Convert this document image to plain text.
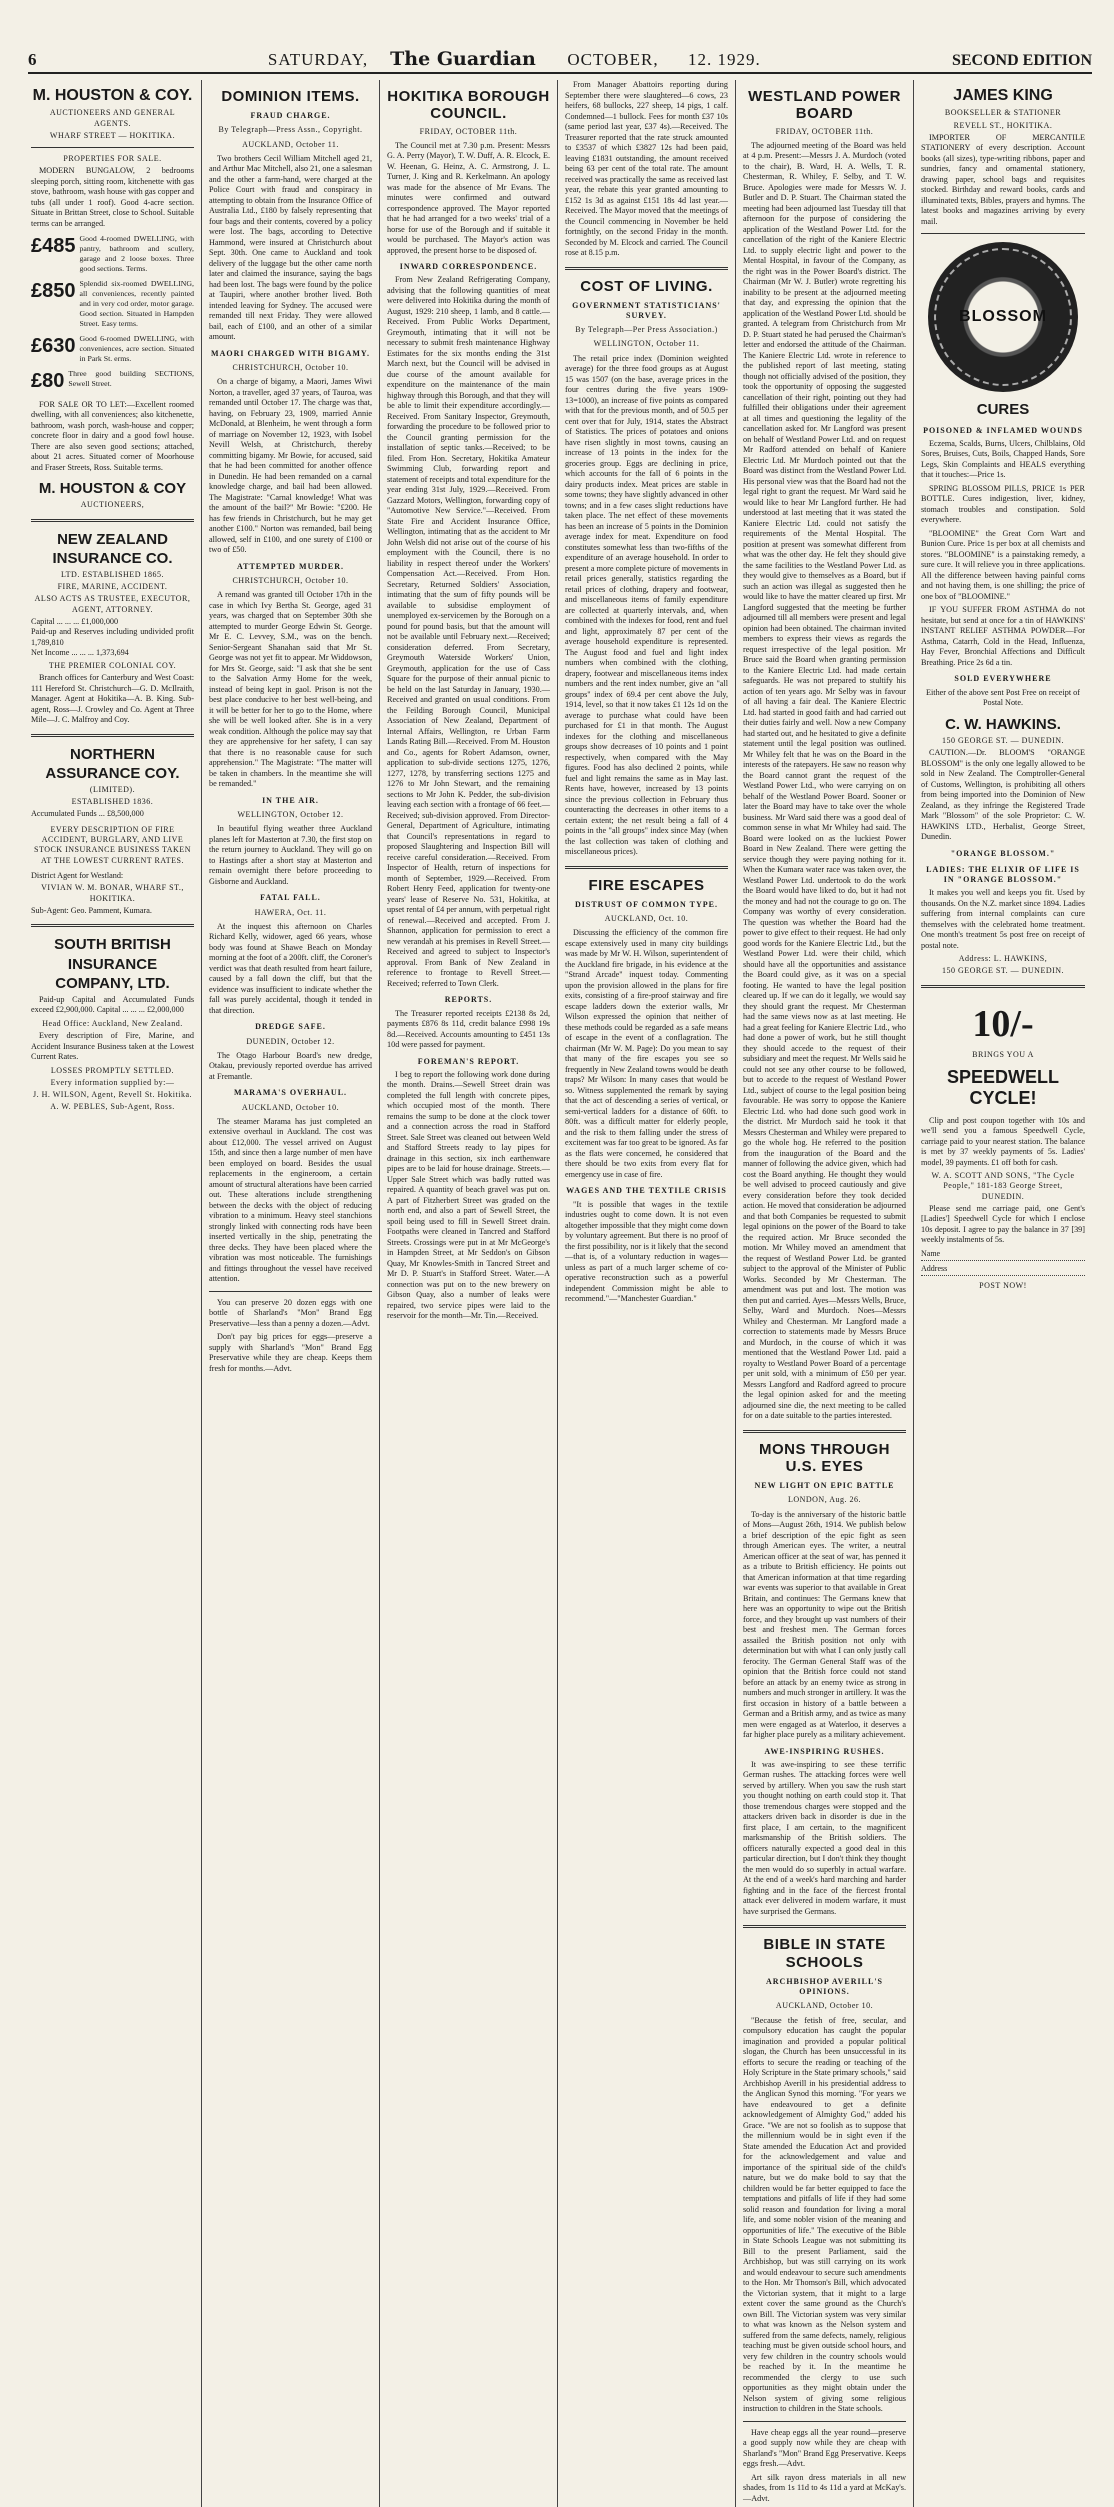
6	SATURDAY,	The Guardian	OCTOBER,	12. 1929.	SECOND EDITION
M. HOUSTON & COY.
AUCTIONEERS AND GENERAL AGENTS.
WHARF STREET — HOKITIKA.
PROPERTIES FOR SALE.

MODERN BUNGALOW, 2 bedrooms sleeping porch, sitting room, kitchenette with gas stove, bathroom, wash house with gas copper and tubs (all under 1 roof). Good 4-acre section. Situate in Brittan Street, close to School. Suitable terms can be arranged.

£485 Good 4-roomed DWELLING, with pantry, bathroom and scullery, garage and 2 loose boxes. Three good sections. Terms.
£850 Splendid six-roomed DWELLING, all conveniences, recently painted and in very cod order, motor garage. Good section. Situated in Hampden Street. Easy terms.
£630 Good 6-roomed DWELLING, with conveniences, acre section. Situated in Park St. erms.
£80 Three good building SECTIONS, Sewell Street.

FOR SALE OR TO LET:—Excellent roomed dwelling, with all conveniences; also kitchenette, bathroom, wash porch, wash-house and copper; concrete floor in dairy and a good fowl house. There are also seven good sections; attached, about 21 acres. Situated corner of Moorhouse and Fraser Streets, Ross. Suitable terms.

M. HOUSTON & COY
AUCTIONEERS,
NEW ZEALAND INSURANCE CO.
LTD. ESTABLISHED 1865.
FIRE, MARINE, ACCIDENT.
ALSO ACTS AS TRUSTEE, EXECUTOR, AGENT, ATTORNEY.
Capital ... ... ... £1,000,000
Paid-up and Reserves including undivided profit 1,789,810
Net Income ... ... ... 1,373,694
THE PREMIER COLONIAL COY.

Branch offices for Canterbury and West Coast: 111 Hereford St. Christchurch—G. D. McIlraith, Manager. Agent at Hokitika—A. B. King. Sub-agent, Ross—J. Crowley and Co. Agent at Three Mile—J. C. Malfroy and Coy.

NORTHERN ASSURANCE COY.
(LIMITED).
ESTABLISHED 1836.
Accumulated Funds ... £8,500,000
EVERY DESCRIPTION OF FIRE ACCIDENT, BURGLARY, AND LIVE STOCK INSURANCE BUSINESS TAKEN AT THE LOWEST CURRENT RATES.
District Agent for Westland:
VIVIAN W. M. BONAR, WHARF ST., HOKITIKA.
Sub-Agent: Geo. Pamment, Kumara.
SOUTH BRITISH INSURANCE COMPANY, LTD.

Paid-up Capital and Accumulated Funds exceed £2,900,000. Capital ... ... ... £2,000,000

Head Office: Auckland, New Zealand.

Every description of Fire, Marine, and Accident Insurance Business taken at the Lowest Current Rates.

LOSSES PROMPTLY SETTLED.
Every information supplied by:—
J. H. WILSON, Agent, Revell St. Hokitika.
A. W. PEBLES, Sub-Agent, Ross.
DOMINION ITEMS.
FRAUD CHARGE.
By Telegraph—Press Assn., Copyright.
AUCKLAND, October 11.

Two brothers Cecil William Mitchell aged 21, and Arthur Mac Mitchell, also 21, one a salesman and the other a farm-hand, were charged at the Police Court with fraud and conspiracy in attempting to obtain from the Insurance Office of Australia Ltd., £180 by falsely representing that four bags and their contents, covered by a policy were lost. The bags, according to Detective Hammond, were insured at Christchurch about Sept. 30th. One came to Auckland and took delivery of the luggage but the other came north later and claimed the insurance, saying the bags had been lost. The bags were found by the police at Taupiri, where another brother lived. Both intended leaving for Sydney. The accused were remanded till next Friday. They were allowed bail, each of £100, and an other of a similar amount.

MAORI CHARGED WITH BIGAMY.
CHRISTCHURCH, October 10.

On a charge of bigamy, a Maori, James Wiwi Norton, a traveller, aged 37 years, of Tauroa, was remanded until October 17. The charge was that, having, on February 23, 1909, married Annie McDonald, at Blenheim, he went through a form of marriage on November 12, 1923, with Isobel Nevill Welsh, at Christchurch, thereby committing bigamy. Mr Bowie, for accused, said that he had been committed for another offence in Dunedin. He had been remanded on a carnal knowledge charge, and bail had been allowed. The Magistrate: "Carnal knowledge! What was the amount of the bail?" Mr Bowie: "£200. He has few friends in Christchurch, but he may get another £100." Norton was remanded, bail being allowed, self in £100, and one surety of £100 or two of £50.

ATTEMPTED MURDER.
CHRISTCHURCH, October 10.

A remand was granted till October 17th in the case in which Ivy Bertha St. George, aged 31 years, was charged that on September 30th she attempted to murder George Edwin St. George. Mr E. C. Levvey, S.M., was on the bench. Senior-Sergeant Shanahan said that Mr St. George was not yet fit to appear. Mr Widdowson, for Mrs St. George, said: "I ask that she be sent to the Salvation Army Home for the week, instead of being kept in gaol. Prison is not the best place conducive to her best well-being, and it will be better for her to go to the Home, where she will be well looked after. She is in a very weak condition. Although the police may say that they are apprehensive for her safety, I can say that there is no reasonable cause for such apprehension." The Magistrate: "The matter will be taken in chambers. In the meantime she will be remanded."

IN THE AIR.
WELLINGTON, October 12.

In beautiful flying weather three Auckland planes left for Masterton at 7.30, the first stop on the return journey to Auckland. They will go on to Hastings after a short stay at Masterton and remain overnight there before proceeding to Gisborne and Auckland.

FATAL FALL.
HAWERA, Oct. 11.

At the inquest this afternoon on Charles Richard Kelly, widower, aged 66 years, whose body was found at Shawe Beach on Monday morning at the foot of a 200ft. cliff, the Coroner's verdict was that death resulted from heart failure, caused by a fall down the cliff, but that the evidence was insufficient to indicate whether the fall was purely accidental, though it tended in that direction.

DREDGE SAFE.
DUNEDIN, October 12.

The Otago Harbour Board's new dredge, Otakau, previously reported overdue has arrived at Fremantle.

MARAMA'S OVERHAUL.
AUCKLAND, October 10.

The steamer Marama has just completed an extensive overhaul in Auckland. The cost was about £12,000. The vessel arrived on August 15th, and since then a large number of men have been employed on board. Besides the usual replacements in the engineroom, a certain amount of structural alterations have been carried out. These alterations include strengthening between the decks with the object of reducing vibration to a minimum. Heavy steel stanchions strongly linked with connecting rods have been inserted vertically in the ship, penetrating the three decks. They have been placed where the vibration was most noticeable. The furnishings and fittings throughout the vessel have received attention.

You can preserve 20 dozen eggs with one bottle of Sharland's "Mon" Brand Egg Preservative—less than a penny a dozen.—Advt.

Don't pay big prices for eggs—preserve a supply with Sharland's "Mon" Brand Egg Preservative while they are cheap. Keeps them fresh for months.—Advt.

HOKITIKA BOROUGH COUNCIL.
FRIDAY, OCTOBER 11th.

The Council met at 7.30 p.m. Present: Messrs G. A. Perry (Mayor), T. W. Duff, A. R. Elcock, E. W. Heenan, G. Heinz, A. C. Armstrong, J. L. Turner, J. King and R. Kerkelmann. An apology was made for the absence of Mr Evans. The minutes were confirmed and outward correspondence approved. The Mayor reported that he had arranged for a two weeks' trial of a horse for use of the Borough and if suitable it would be purchased. The Mayor's action was approved, the present horse to be disposed of.

INWARD CORRESPONDENCE.

From New Zealand Refrigerating Company, advising that the following quantities of meat were delivered into Hokitika during the month of August, 1929: 210 sheep, 1 lamb, and 8 cattle.—Received. From Public Works Department, Greymouth, intimating that it will not be necessary to submit fresh maintenance Highway Estimates for the six months ending the 31st March next, but the Council will be advised in due course of the amount available for expenditure on the maintenance of the main highway through this Borough, and that they will be able to limit their expenditure accordingly.—Received. From Sanitary Inspector, Greymouth, forwarding the procedure to be followed prior to the Council granting permission for the installation of septic tanks.—Received; to be filed. From Hon. Secretary, Hokitika Amateur Swimming Club, forwarding report and statement of receipts and total expenditure for the year ending 31st July, 1929.—Received. From Gazzard Motors, Wellington, forwarding copy of "Automotive New Service."—Received. From State Fire and Accident Insurance Office, Wellington, intimating that as the accident to Mr John Welsh did not arise out of the course of his employment with the Council, there is no liability in respect thereof under the Workers' Compensation Act.—Received. From Hon. Secretary, Returned Soldiers' Association, intimating that the sum of fifty pounds will be available to subsidise employment of unemployed ex-servicemen by the Borough on a pound for pound basis, but that the amount will not be available until February next.—Received; consideration deferred. From Secretary, Greymouth Waterside Workers' Union, Greymouth, application for the use of Cass Square for the purpose of their annual picnic to be held on the last Saturday in January, 1930.—Received and granted on usual conditions. From the Feilding Borough Council, Municipal Association of New Zealand, Department of Internal Affairs, Wellington, re Urban Farm Lands Rating Bill.—Received. From M. Houston and Co., agents for Robert Adamson, owner, application to sub-divide sections 1275, 1276, 1277, 1278, by transferring sections 1275 and 1276 to Mr John Stewart, and the remaining sections to Mr John K. Pedder, the sub-division leaving each section with a frontage of 66 feet.—Received; sub-division approved. From Director-General, Department of Agriculture, intimating that Council's representations in regard to proposed Slaughtering and Inspection Bill will receive careful consideration.—Received. From Inspector of Health, return of inspections for month of September, 1929.—Received. From Robert Henry Feed, application for twenty-one years' lease of Reserve No. 531, Hokitika, at upset rental of £4 per annum, with perpetual right of renewal.—Received and accepted. From J. Shannon, application for permission to erect a new verandah at his premises in Revell Street.—Received and agreed to subject to Inspector's approval. From Bank of New Zealand in reference to frontage to Revell Street.—Received; referred to Town Clerk.

REPORTS.

The Treasurer reported receipts £2138 8s 2d, payments £876 8s 11d, credit balance £998 19s 8d.—Received. Accounts amounting to £451 13s 10d were passed for payment.

FOREMAN'S REPORT.

I beg to report the following work done during the month. Drains.—Sewell Street drain was completed the full length with concrete pipes, which occupied most of the month. There remains the sump to be done at the clock tower and a connection across the road in Stafford Street. Sale Street was cleaned out between Weld and Stafford Streets ready to lay pipes for drainage in this section, six inch earthenware pipes are to be laid for house drainage. Streets.—Upper Sale Street which was badly rutted was repaired. A quantity of beach gravel was put on. A part of Fitzherbert Street was graded on the north end, and also a part of Sewell Street, the spoil being used to fill in Sewell Street drain. Footpaths were cleaned in Tancred and Stafford Streets. Crossings were put in at Mr McGeorge's in Hampden Street, at Mr Seddon's on Gibson Quay, Mr Knowles-Smith in Tancred Street and Mr D. P. Stuart's in Stafford Street. Water.—A connection was put on to the new brewery on Gibson Quay, also a number of leaks were repaired, two service pipes were laid to the reservoir for the month—Mr. Tin.—Received.

From Manager Abattoirs reporting during September there were slaughtered—6 cows, 23 heifers, 68 bullocks, 227 sheep, 14 pigs, 1 calf. Condemned—1 bullock. Fees for month £37 10s (same period last year, £37 4s).—Received. The Treasurer reported that the rate struck amounted to £3537 of which £3827 12s had been paid, leaving £1831 outstanding, the amount received being 63 per cent of the total rate. The amount received was practically the same as received last year, the rebate this year granted amounting to £152 1s 3d as against £151 18s 4d last year.—Received. The Mayor moved that the meetings of the Council commencing in November be held fortnightly, on the second Friday in the month. Seconded by M. Elcock and carried. The Council rose at 8.15 p.m.

COST OF LIVING.
GOVERNMENT STATISTICIANS' SURVEY.
By Telegraph—Per Press Association.)
WELLINGTON, October 11.

The retail price index (Dominion weighted average) for the three food groups as at August 15 was 1507 (on the base, average prices in the four centres during the five years 1909-13=1000), an increase of five points as compared with that for the previous month, and of 50.5 per cent over that for July, 1914, states the Abstract of Statistics. The prices of potatoes and onions have risen slightly in most towns, causing an increase of 13 points in the index for the groceries group. Eggs are declining in price, which accounts for the fall of 6 points in the dairy products index. Meat prices are stable in some towns; they have slightly advanced in other towns; and in a few cases slight reductions have taken place. The net effect of these movements has been an increase of 5 points in the Dominion average index for meat. Expenditure on food constitutes somewhat less than two-fifths of the expenditure of an average household. In order to present a more complete picture of movements in retail prices generally, statistics regarding the retail prices of clothing, drapery and footwear, and miscellaneous items of family expenditure are collected at quarterly intervals, and, when combined with the indexes for food, rent and fuel and light, approximately 87 per cent of the average household expenditure is represented. The August food and fuel and light index numbers when combined with the clothing, drapery, footwear and miscellaneous items index numbers and the rent index number, give an "all groups" index of 69.4 per cent above the July, 1914, level, so that it now takes £1 12s 1d on the average to purchase what could have been purchased for £1 in that month. The August indexes for the clothing and miscellaneous groups show decreases of 10 points and 1 point respectively, when compared with the May figures. Food has also declined 2 points, while fuel and light remains the same as in May last. Rents have, however, increased by 13 points since the previous collection in February thus counteracting the decreases in other items to a certain extent; the net result being a fall of 4 points in the "all groups" index since May (when the last collection was taken of clothing and miscellaneous prices).

FIRE ESCAPES
DISTRUST OF COMMON TYPE.
AUCKLAND, Oct. 10.

Discussing the efficiency of the common fire escape extensively used in many city buildings was made by Mr W. H. Wilson, superintendent of the Auckland fire brigade, in his evidence at the "Strand Arcade" inquest today. Commenting upon the provision allowed in the plans for fire exits, consisting of a fire-proof stairway and fire escape ladders down the exterior walls, Mr Wilson expressed the opinion that neither of these methods could be regarded as a safe means of escape in the event of a conflagration. The chairman (Mr W. M. Page): Do you mean to say that many of the fire escapes you see so frequently in New Zealand towns would be death traps? Mr Wilson: In many cases that would be so. Witness supplemented the remark by saying that the act of descending a series of vertical, or semi-vertical ladders for a distance of 60ft. to 80ft. was a difficult matter for elderly people, and the risk to them falling under the stress of excitement was far too great to be ignored. As far as the flats were concerned, he considered that there should be two exits from every flat for emergency use in case of fire.

WAGES AND THE TEXTILE CRISIS

"It is possible that wages in the textile industries ought to come down. It is not even altogether impossible that they might come down by voluntary agreement. But there is no proof of the first possibility, nor is it likely that the second—that is, of a voluntary reduction in wages—unless as part of a much larger scheme of co-operative reconstruction such as a powerful independent Commission might be able to recommend."—"Manchester Guardian."

WESTLAND POWER BOARD
FRIDAY, OCTOBER 11th.

The adjourned meeting of the Board was held at 4 p.m. Present:—Messrs J. A. Murdoch (voted to the chair), B. Ward, H. A. Wells, T. R. Chesterman, R. Whiley, F. Selby, and T. W. Bruce. Apologies were made for Messrs W. J. Butler and D. P. Stuart. The Chairman stated the meeting had been adjourned last Tuesday till that afternoon for the purpose of considering the application of the Westland Power Ltd. for the cancellation of the right of the Kaniere Electric Ltd. to supply electric light and power to the Mental Hospital, in favour of the Company, as the right was in the Power Board's district. The Chairman (Mr W. J. Butler) wrote regretting his inability to be present at the adjourned meeting that day, and expressing the opinion that the application of the Westland Power Ltd. should be granted. A telegram from Christchurch from Mr D. P. Stuart stated he had perused the Chairman's letter and endorsed the attitude of the Chairman. The Kaniere Electric Ltd. wrote in reference to the published report of last meeting, stating though not officially advised of the position, they took the opportunity of opposing the suggested cancellation of their right, pointing out they had fulfilled their obligations under their agreement at all times and questioning the legality of the cancellation asked for. Mr Langford was present on behalf of Westland Power Ltd. and on request Mr Radford attended on behalf of Kaniere Electric Ltd. Mr Murdoch pointed out that the Board was distinct from the Westland Power Ltd. His personal view was that the Board had not the legal right to grant the request. Mr Ward said he would like to hear Mr Langford further. He had understood at last meeting that it was stated the Kaniere Electric Ltd. could not satisfy the requirements of the Mental Hospital. The position at present was somewhat different from what was the other day. He felt they should give the same facilities to the Westland Power Ltd. as they would give to themselves as a Board, but if such an action was illegal as suggested then he would like to have the matter cleared up first. Mr Langford suggested that the meeting be further adjourned till all members were present and legal opinion had been obtained. The chairman invited members to express their views as regards the request irrespective of the legal position. Mr Bruce said the Board when granting permission to the Kaniere Electric Ltd. had made certain safeguards. He was not prepared to stultify his action of ten years ago. Mr Selby was in favour of all having a fair deal. The Kaniere Electric Ltd. had started in good faith and had carried out their duties fairly and well. Now a new Company had started out, and he hesitated to give a definite statement until the legal position was outlined. Mr Whiley felt that he was on the Board in the interests of the ratepayers. He saw no reason why the Board cannot grant the request of the Westland Power Ltd., who were carrying on on behalf of the Westland Power Board. Sooner or later the Board may have to take over the whole business. Mr Ward said there was a good deal of common sense in what Mr Whiley had said. The Board were looked on as the luckiest Power Board in New Zealand. There were getting the service though they were paying nothing for it. When the Kumara water race was taken over, the Westland Power Ltd. undertook to do the work the Board would have liked to do, but it had not the money and had not the courage to go on. The Company was worthy of every consideration. The question was whether the Board had the power to give effect to their request. He had only good words for the Kaniere Electric Ltd., but the Westland Power Ltd. were their child, which should have all the opportunities and assistance the Board could give, as it was on a special footing. He wanted to have the legal position cleared up. If we can do it legally, we would say they should grant the request. Mr Chesterman had the same views now as at last meeting. He had a great feeling for Kaniere Electric Ltd., who had done a power of work, but he still thought they should accede to the request of their subsidiary and meet the request. Mr Wells said he could not see any other course to be followed, but to accede to the request of Westland Power Ltd., subject of course to the legal position being favourable. He was sorry to oppose the Kaniere Electric Ltd. who had done such good work in the district. Mr Murdoch said he took it that Messrs Chesterman and Whiley were prepared to go the whole hog. He referred to the position from the inauguration of the Board and the manner of following the advice given, which had cost the Board anything. He thought they would be well advised to proceed cautiously and give every consideration before they took decided action. He moved that consideration be adjourned and that both Companies be requested to submit legal opinions on the power of the Board to take the required action. Mr Bruce seconded the motion. Mr Whiley moved an amendment that the request of Westland Power Ltd. be granted subject to the approval of the Minister of Public Works. Seconded by Mr Chesterman. The amendment was put and lost. The motion was then put and carried. Ayes—Messrs Wells, Bruce, Selby, Ward and Murdoch. Noes—Messrs Whiley and Chesterman. Mr Langford made a correction to statements made by Messrs Bruce and Murdoch, in the course of which it was mentioned that the Westland Power Ltd. paid a royalty to Westland Power Board of a percentage per unit sold, with a minimum of £50 per year. Messrs Langford and Radford agreed to procure the legal opinion asked for and the meeting adjourned sine die, the next meeting to be called for on a date suitable to the parties interested.

MONS THROUGH U.S. EYES
NEW LIGHT ON EPIC BATTLE
LONDON, Aug. 26.

To-day is the anniversary of the historic battle of Mons—August 26th, 1914. We publish below a brief description of the epic fight as seen through American eyes. The writer, a neutral American officer at the seat of war, has penned it as a tribute to British efficiency. He points out that American information at that time regarding war events was superior to that available in Great Britain, and continues: The Germans knew that here was an opportunity to wipe out the British force, and they brought up vast numbers of their best and freshest men. The German forces assailed the British position not only with determination but with what I can only justly call ferocity. The German General Staff was of the opinion that the British force could not stand before an attack by an enemy twice as strong in numbers and much stronger in artillery. It was the first occasion in history of a battle between a German and a British army, and as twice as many men were engaged as at Waterloo, it deserves a far higher place purely as a military achievement.

AWE-INSPIRING RUSHES.

It was awe-inspiring to see these terrific German rushes. The attacking forces were well served by artillery. When you saw the rush start you thought nothing on earth could stop it. That those tremendous charges were stopped and the attackers driven back in disorder is due in the first place, I am certain, to the magnificent marksmanship of the British soldiers. The officers naturally expected a good deal in this particular direction, but I don't think they thought the men would do so superbly in actual warfare. At the end of a week's hard marching and harder fighting and in the face of the fiercest frontal attack ever delivered in modern warfare, it must have surprised the Germans.

BIBLE IN STATE SCHOOLS
ARCHBISHOP AVERILL'S OPINIONS.
AUCKLAND, October 10.

"Because the fetish of free, secular, and compulsory education has caught the popular imagination and provided a popular political slogan, the Church has been unsuccessful in its efforts to secure the reading or teaching of the Holy Scripture in the State primary schools," said Archbishop Averill in his presidential address to the Anglican Synod this morning. "For years we have endeavoured to get a definite acknowledgement of Almighty God," added his Grace. "We are not so foolish as to suppose that the millennium would be in sight even if the State amended the Education Act and provided for the acknowledgement and value and importance of the spiritual side of the child's nature, but we do make bold to say that the children would be far better equipped to face the temptations and pitfalls of life if they had some solid reason and foundation for living a moral life, and some nobler vision of the meaning and opportunities of life." The executive of the Bible in State Schools League was not submitting its Bill to the present Parliament, said the Archbishop, but was still carrying on its work and would endeavour to secure such amendments to the Hon. Mr Thomson's Bill, which advocated the Victorian system, that it might to a large extent cover the same ground as the Church's own Bill. The Victorian system was very similar to what was known as the Nelson system and suffered from the same defects, namely, religious teaching must be given outside school hours, and very few children in the country schools would be reached by it. In the meantime he recommended the clergy to use such opportunities as they might obtain under the Nelson system of giving some religious instruction to children in the State schools.

Have cheap eggs all the year round—preserve a good supply now while they are cheap with Sharland's "Mon" Brand Egg Preservative. Keeps eggs fresh.—Advt.

Art silk rayon dress materials in all new shades, from 1s 11d to 4s 11d a yard at McKay's.—Advt.

JAMES KING
BOOKSELLER & STATIONER
REVELL ST., HOKITIKA.

IMPORTER OF MERCANTILE STATIONERY of every description. Account books (all sizes), type-writing ribbons, paper and sundries, fancy and ornamental stationery, drawing paper, school bags and requisites stocked. Birthday and reward books, cards and illuminated texts, Bibles, prayers and hymns. The latest books and magazines arriving by every mail.

BLOSSOM
CURES
POISONED & INFLAMED WOUNDS

Eczema, Scalds, Burns, Ulcers, Chilblains, Old Sores, Bruises, Cuts, Boils, Chapped Hands, Sore Legs, Skin Complaints and HEALS everything that it touches:—Price 1s.

SPRING BLOSSOM PILLS, PRICE 1s PER BOTTLE. Cures indigestion, liver, kidney, stomach troubles and constipation. Sold everywhere.

"BLOOMINE" the Great Corn Wart and Bunion Cure. Price 1s per box at all chemists and stores. "BLOOMINE" is a painstaking remedy, a sure cure. It will relieve you in three applications. All the difference between having painful corns and not having them, is one shilling; the price of one box of "BLOOMINE."

IF YOU SUFFER FROM ASTHMA do not hesitate, but send at once for a tin of HAWKINS' INSTANT RELIEF ASTHMA POWDER—For Asthma, Catarrh, Cold in the Head, Influenza, Hay Fever, Bronchial Affections and Difficult Breathing. Price 2s 6d a tin.

SOLD EVERYWHERE
Either of the above sent Post Free on receipt of Postal Note.
C. W. HAWKINS.
150 GEORGE ST. — DUNEDIN.

CAUTION.—Dr. BLOOM'S "ORANGE BLOSSOM" is the only one legally allowed to be sold in New Zealand. The Comptroller-General of Customs, Wellington, is prohibiting all others from being imported into the Dominion of New Zealand, as they infringe the Registered Trade Mark "Blossom" of the sole Proprietor: C. W. HAWKINS LTD., Herbalist, George Street, Dunedin.

"ORANGE BLOSSOM."
LADIES: THE ELIXIR OF LIFE IS IN "ORANGE BLOSSOM."

It makes you well and keeps you fit. Used by thousands. On the N.Z. market since 1894. Ladies suffering from internal complaints can cure themselves with the celebrated home treatment. One month's treatment 5s post free on receipt of postal note.

Address: L. HAWKINS,
150 GEORGE ST. — DUNEDIN.
10/-
BRINGS YOU A
SPEEDWELL CYCLE!

Clip and post coupon together with 10s and we'll send you a famous Speedwell Cycle, carriage paid to your nearest station. The balance is met by 37 weekly payments of 5s. Ladies' model, 39 payments. £1 off both for cash.

W. A. SCOTT AND SONS, "The Cycle People," 181-183 George Street, DUNEDIN.

Please send me carriage paid, one Gent's [Ladies'] Speedwell Cycle for which I enclose 10s deposit. I agree to pay the balance in 37 [39] weekly instalments of 5s.

Name
Address
POST NOW!
